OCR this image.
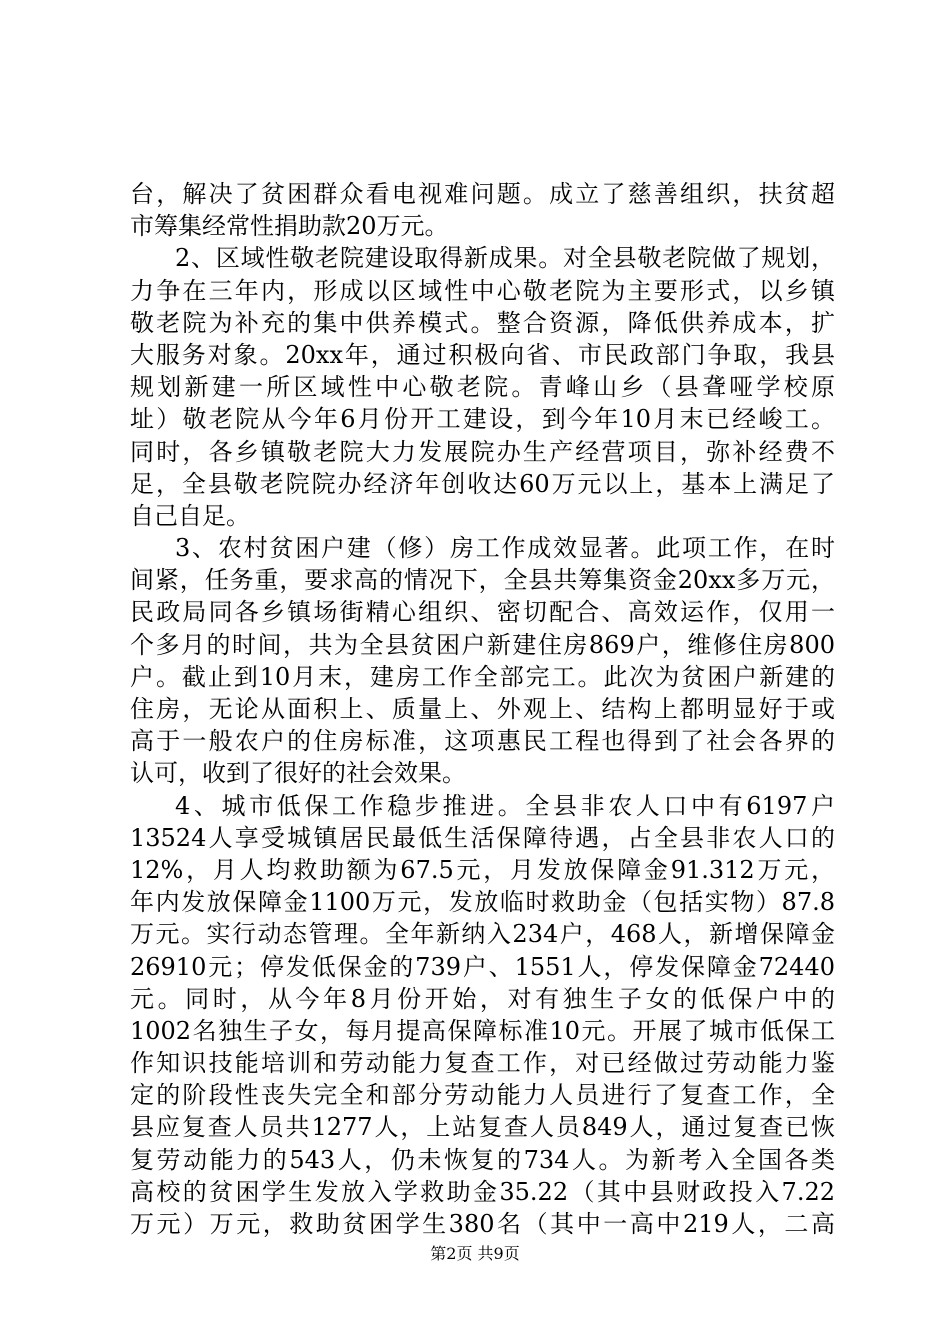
台，解决了贫困群众看电视难问题。成立了慈善组织，扶贫超
市筹集经常性捐助款20万元。
2、区域性敬老院建设取得新成果。对全县敬老院做了规划，
力争在三年内，形成以区域性中心敬老院为主要形式，以乡镇
敬老院为补充的集中供养模式。整合资源，降低供养成本，扩
大服务对象。20xx年，通过积极向省、市民政部门争取，我县
规划新建一所区域性中心敬老院。青峰山乡（县聋哑学校原
址）敬老院从今年6月份开工建设，到今年10月末已经峻工。
同时，各乡镇敬老院大力发展院办生产经营项目，弥补经费不
足，全县敬老院院办经济年创收达60万元以上，基本上满足了
自己自足。
3、农村贫困户建（修）房工作成效显著。此项工作，在时
间紧，任务重，要求高的情况下，全县共筹集资金20xx多万元，
民政局同各乡镇场街精心组织、密切配合、高效运作，仅用一
个多月的时间，共为全县贫困户新建住房869户，维修住房800
户。截止到10月末，建房工作全部完工。此次为贫困户新建的
住房，无论从面积上、质量上、外观上、结构上都明显好于或
高于一般农户的住房标准，这项惠民工程也得到了社会各界的
认可，收到了很好的社会效果。
4、城市低保工作稳步推进。全县非农人口中有6197户
13524人享受城镇居民最低生活保障待遇，占全县非农人口的
12%，月人均救助额为67.5元，月发放保障金91.312万元，
年内发放保障金1100万元，发放临时救助金（包括实物）87.8
万元。实行动态管理。全年新纳入234户，468人，新增保障金
26910元；停发低保金的739户、1551人，停发保障金72440
元。同时，从今年8月份开始，对有独生子女的低保户中的
1002名独生子女，每月提高保障标准10元。开展了城市低保工
作知识技能培训和劳动能力复查工作，对已经做过劳动能力鉴
定的阶段性丧失完全和部分劳动能力人员进行了复查工作，全
县应复查人员共1277人，上站复查人员849人，通过复查已恢
复劳动能力的543人，仍未恢复的734人。为新考入全国各类
高校的贫困学生发放入学救助金35.22（其中县财政投入7.22
万元）万元，救助贫困学生380名（其中一高中219人，二高
第2页 共9页
